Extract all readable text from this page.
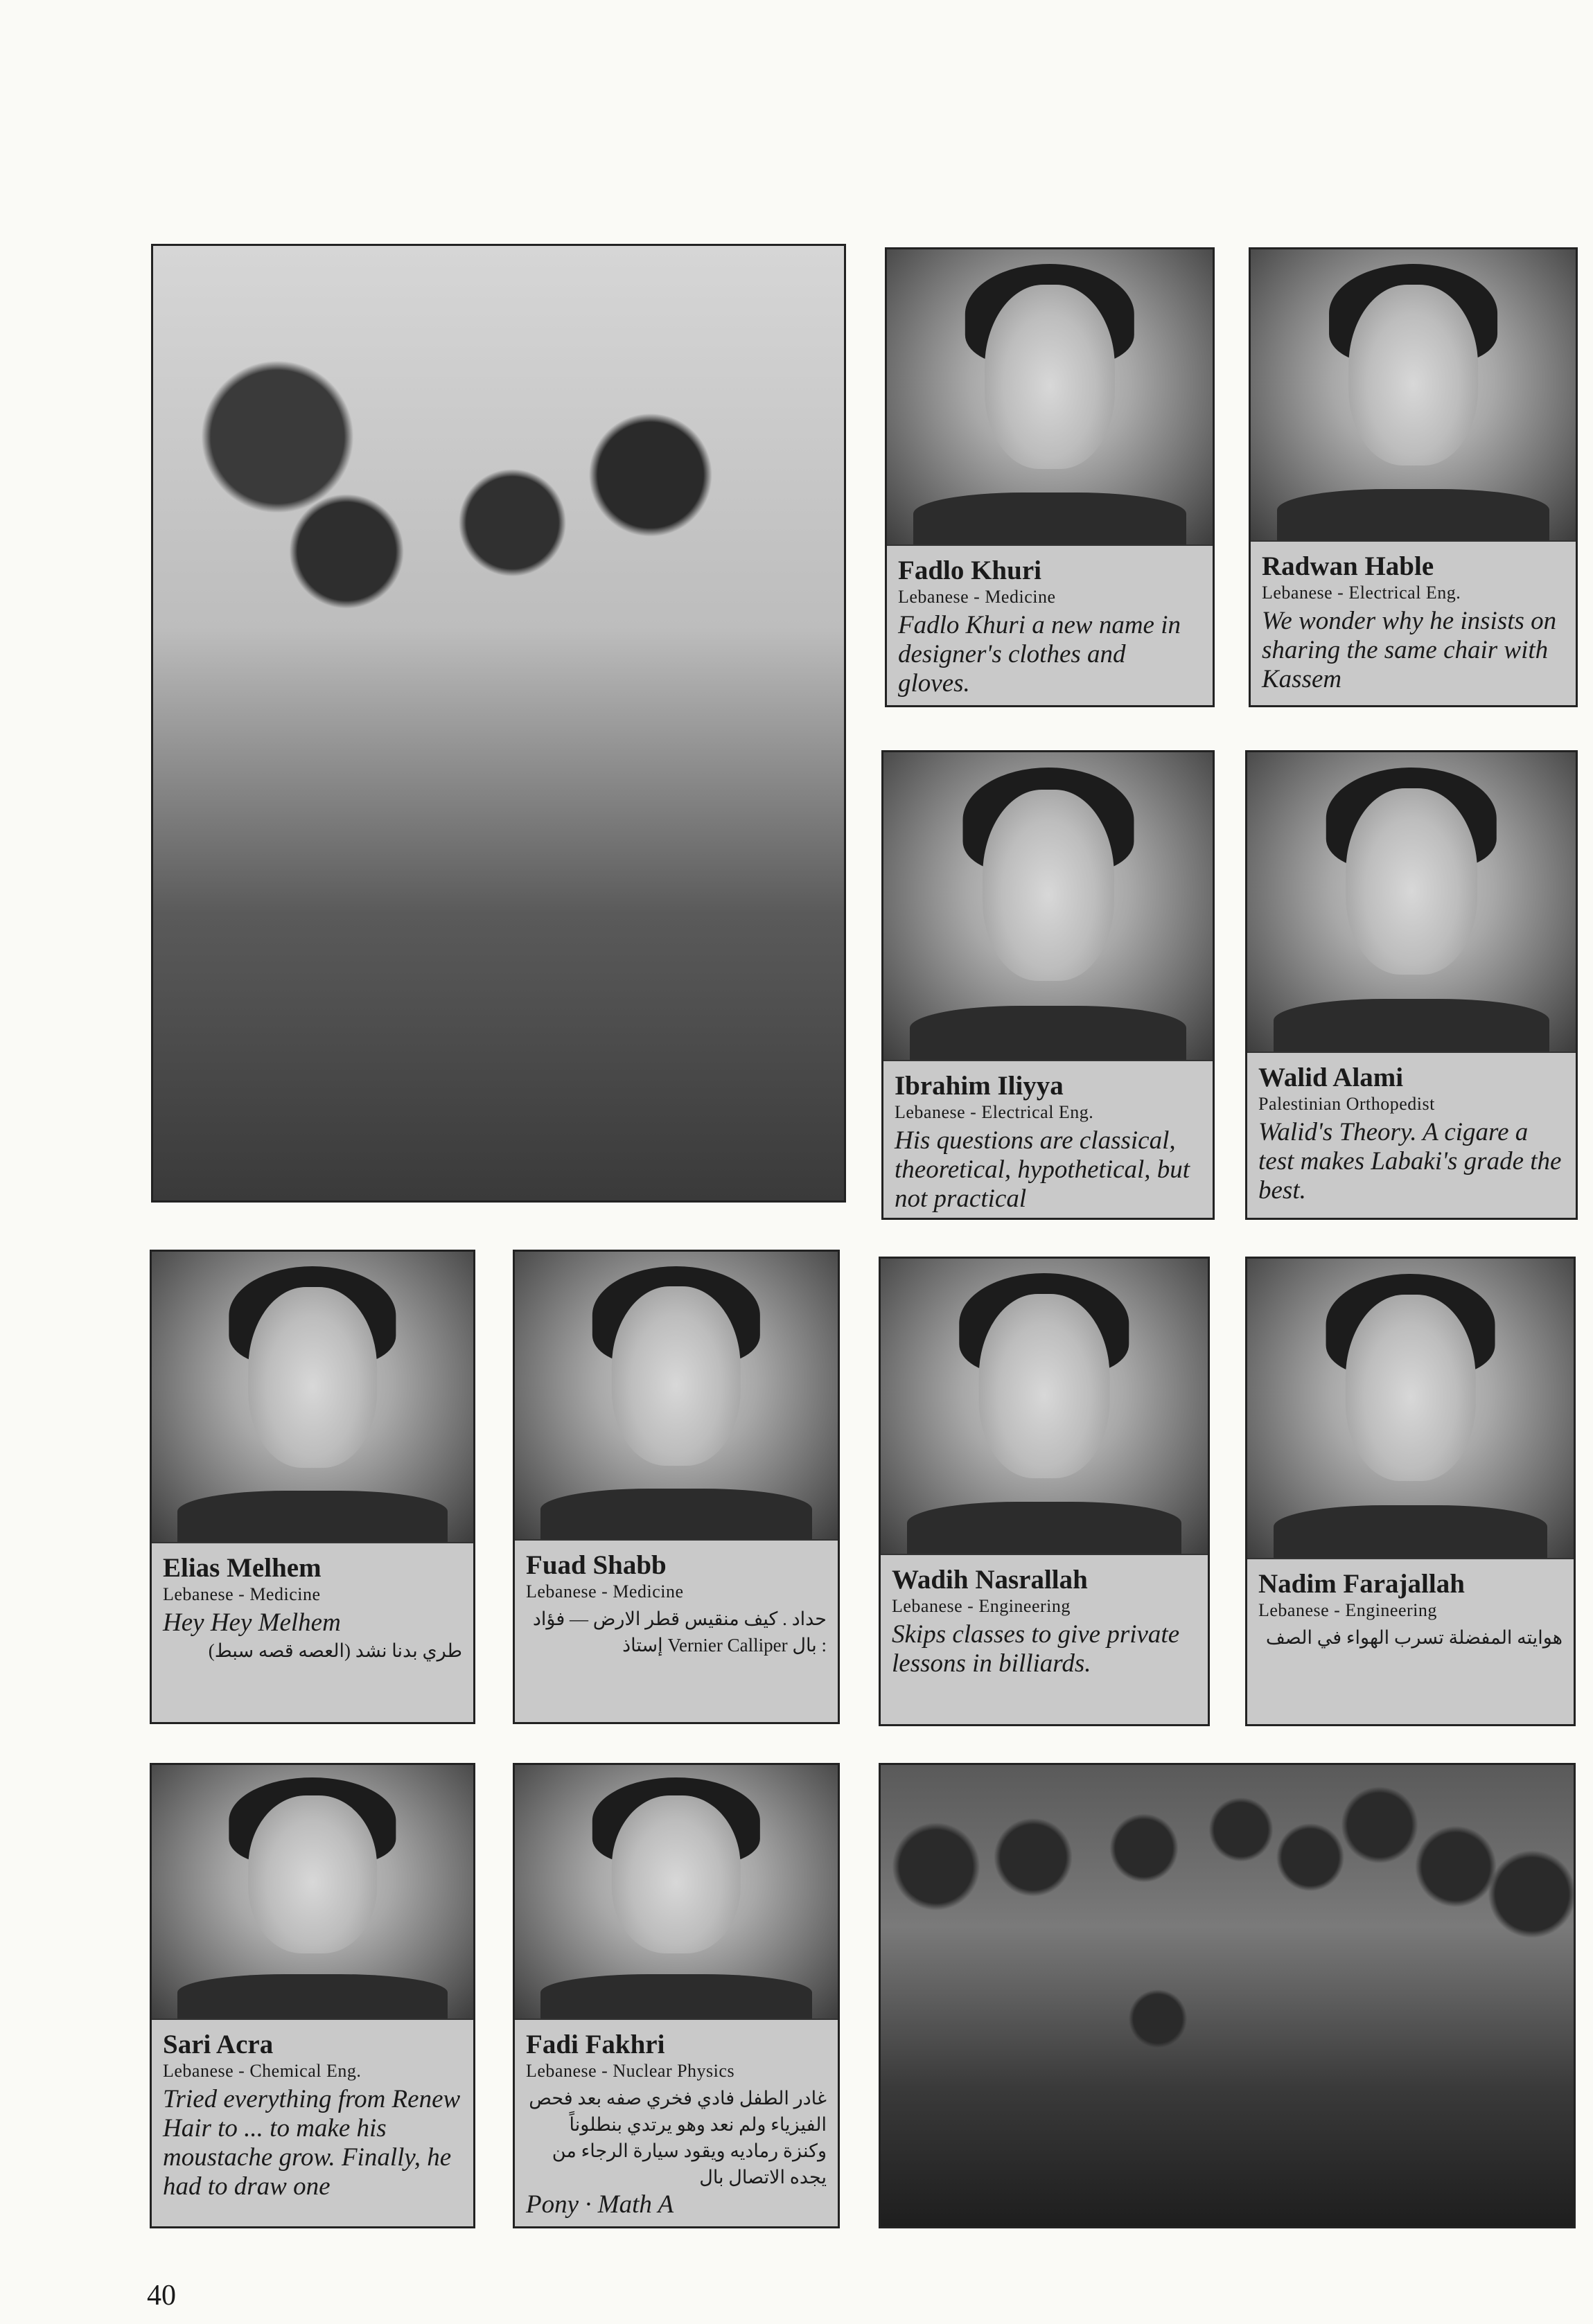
Fadlo Khuri

Lebanese - Medicine

Fadlo Khuri a new name in designer's clothes and gloves.

Radwan Hable

Lebanese - Electrical Eng.

We wonder why he insists on sharing the same chair with Kassem

Ibrahim Iliyya

Lebanese - Electrical Eng.

His questions are classical, theoretical, hypothetical, but not practical

Walid Alami

Palestinian Orthopedist

Walid's Theory. A cigare a test makes Labaki's grade the best.

Elias Melhem

Lebanese - Medicine

Hey Hey Melhem

طري بدنا نشد (العصه قصه سبط)

Fuad Shabb

Lebanese - Medicine

حداد . كيف منقيس قطر الارض — فؤاد : بال Vernier Calliper إستاذ

Wadih Nasrallah

Lebanese - Engineering

Skips classes to give private lessons in billiards.

Nadim Farajallah

Lebanese - Engineering

هوايته المفضلة تسرب الهواء في الصف

Sari Acra

Lebanese - Chemical Eng.

Tried everything from Renew Hair to ... to make his moustache grow. Finally, he had to draw one

Fadi Fakhri

Lebanese - Nuclear Physics

غادر الطفل فادي فخري صفه بعد فحص الفيزياء ولم نعد وهو يرتدي بنطلوناً وكنزة رماديه ويقود سيارة الرجاء من يجده الاتصال بال

Pony · Math A

40
